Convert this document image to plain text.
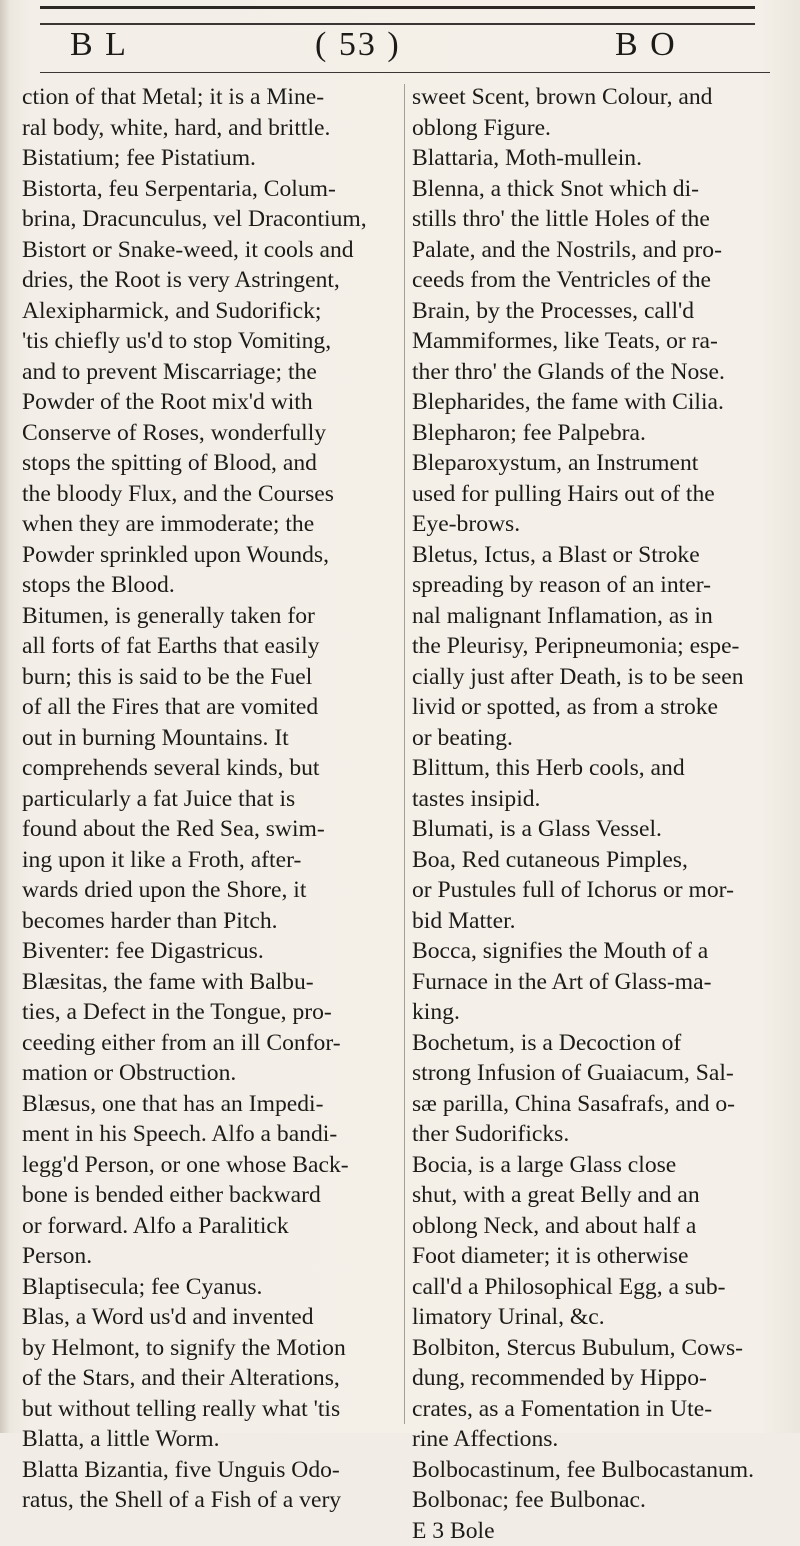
B L	( 53 )	B O
ction of that Metal; it is a Mine-
ral body, white, hard, and brittle.
Bistatium; fee Pistatium.
Bistorta, feu Serpentaria, Colum-
brina, Dracunculus, vel Dracontium,
Bistort or Snake-weed, it cools and
dries, the Root is very Astringent,
Alexipharmick, and Sudorifick;
'tis chiefly us'd to stop Vomiting,
and to prevent Miscarriage; the
Powder of the Root mix'd with
Conserve of Roses, wonderfully
stops the spitting of Blood, and
the bloody Flux, and the Courses
when they are immoderate; the
Powder sprinkled upon Wounds,
stops the Blood.
Bitumen, is generally taken for
all forts of fat Earths that easily
burn; this is said to be the Fuel
of all the Fires that are vomited
out in burning Mountains. It
comprehends several kinds, but
particularly a fat Juice that is
found about the Red Sea, swim-
ing upon it like a Froth, after-
wards dried upon the Shore, it
becomes harder than Pitch.
Biventer: fee Digastricus.
Blæsitas, the fame with Balbu-
ties, a Defect in the Tongue, pro-
ceeding either from an ill Confor-
mation or Obstruction.
Blæsus, one that has an Impedi-
ment in his Speech. Alfo a bandi-
legg'd Person, or one whose Back-
bone is bended either backward
or forward. Alfo a Paralitick
Person.
Blaptisecula; fee Cyanus.
Blas, a Word us'd and invented
by Helmont, to signify the Motion
of the Stars, and their Alterations,
but without telling really what 'tis
Blatta, a little Worm.
Blatta Bizantia, five Unguis Odo-
ratus, the Shell of a Fish of a very
sweet Scent, brown Colour, and
oblong Figure.
Blattaria, Moth-mullein.
Blenna, a thick Snot which di-
stills thro' the little Holes of the
Palate, and the Nostrils, and pro-
ceeds from the Ventricles of the
Brain, by the Processes, call'd
Mammiformes, like Teats, or ra-
ther thro' the Glands of the Nose.
Blepharides, the fame with Cilia.
Blepharon; fee Palpebra.
Bleparoxystum, an Instrument
used for pulling Hairs out of the
Eye-brows.
Bletus, Ictus, a Blast or Stroke
spreading by reason of an inter-
nal malignant Inflamation, as in
the Pleurisy, Peripneumonia; espe-
cially just after Death, is to be seen
livid or spotted, as from a stroke
or beating.
Blittum, this Herb cools, and
tastes insipid.
Blumati, is a Glass Vessel.
Boa, Red cutaneous Pimples,
or Pustules full of Ichorus or mor-
bid Matter.
Bocca, signifies the Mouth of a
Furnace in the Art of Glass-ma-
king.
Bochetum, is a Decoction of
strong Infusion of Guaiacum, Sal-
sæ parilla, China Sasafrafs, and o-
ther Sudorificks.
Bocia, is a large Glass close
shut, with a great Belly and an
oblong Neck, and about half a
Foot diameter; it is otherwise
call'd a Philosophical Egg, a sub-
limatory Urinal, &c.
Bolbiton, Stercus Bubulum, Cows-
dung, recommended by Hippo-
crates, as a Fomentation in Ute-
rine Affections.
Bolbocastinum, fee Bulbocastanum.
Bolbonac; fee Bulbonac.
E 3 Bole
